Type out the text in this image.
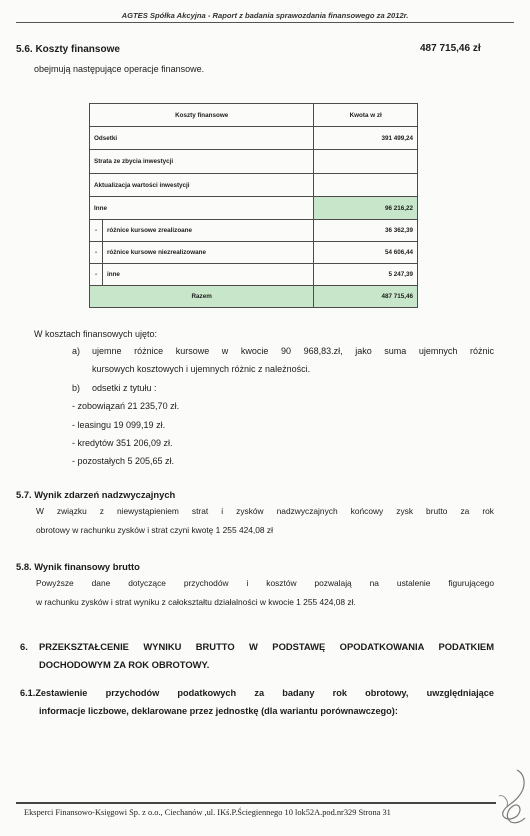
AGTES Spółka Akcyjna - Raport z badania sprawozdania finansowego za 2012r.
5.6. Koszty finansowe	487 715,46 zł
obejmują następujące operacje finansowe.
Koszty finansowe		Kwota w zł
Odsetki		391 499,24
Strata ze zbycia inwestycji		
Aktualizacja wartości inwestycji		
Inne		96 216,22
-	różnice kursowe zrealizoane	36 362,39
-	różnice kursowe niezrealizowane	54 606,44
-	inne	5 247,39
Razem		487 715,46
W kosztach finansowych ujęto:
a) ujemne różnice kursowe w kwocie 90 968,83.zł, jako suma ujemnych różnic
kursowych kosztowych i ujemnych różnic z należności.
b) odsetki z tytułu :
- zobowiązań 21 235,70 zł.
- leasingu 19 099,19 zł.
- kredytów 351 206,09 zł.
- pozostałych 5 205,65 zł.
5.7. Wynik zdarzeń nadzwyczajnych
W związku z niewystąpieniem strat i zysków nadzwyczajnych końcowy zysk brutto za rok
obrotowy w rachunku zysków i strat czyni kwotę 1 255 424,08 zł
5.8. Wynik finansowy brutto
Powyższe dane dotyczące przychodów i kosztów pozwalają na ustalenie figurującego
w rachunku zysków i strat wyniku z całokształtu działalności w kwocie 1 255 424,08 zł.
6. PRZEKSZTAŁCENIE WYNIKU BRUTTO W PODSTAWĘ OPODATKOWANIA PODATKIEM
DOCHODOWYM ZA ROK OBROTOWY.
6.1.Zestawienie przychodów podatkowych za badany rok obrotowy, uwzględniające
informacje liczbowe, deklarowane przez jednostkę (dla wariantu porównawczego):
Eksperci Finansowo-Księgowi Sp. z o.o., Ciechanów ,ul. IKś.P.Ściegiennego 10 lok52A.pod.nr329 Strona 31
